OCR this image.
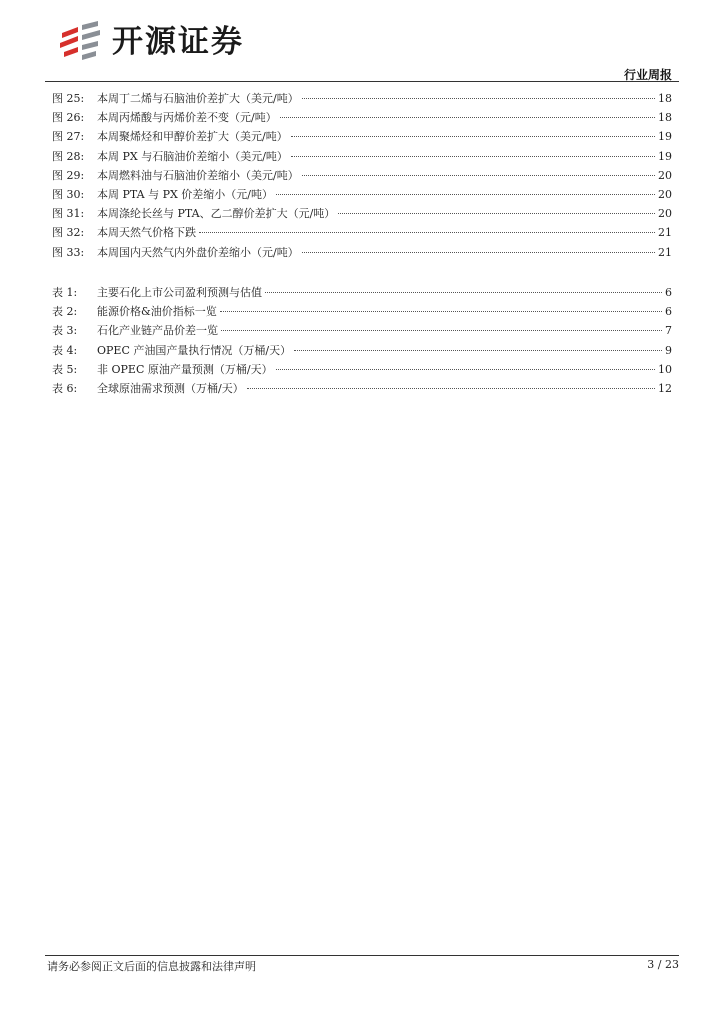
开源证券
行业周报
图 25:	本周丁二烯与石脑油价差扩大（美元/吨）	18
图 26:	本周丙烯酸与丙烯价差不变（元/吨）	18
图 27:	本周聚烯烃和甲醇价差扩大（美元/吨）	19
图 28:	本周 PX 与石脑油价差缩小（美元/吨）	19
图 29:	本周燃料油与石脑油价差缩小（美元/吨）	20
图 30:	本周 PTA 与 PX 价差缩小（元/吨）	20
图 31:	本周涤纶长丝与 PTA、乙二醇价差扩大（元/吨）	20
图 32:	本周天然气价格下跌	21
图 33:	本周国内天然气内外盘价差缩小（元/吨）	21
表 1:	主要石化上市公司盈利预测与估值	6
表 2:	能源价格&油价指标一览	6
表 3:	石化产业链产品价差一览	7
表 4:	OPEC 产油国产量执行情况（万桶/天）	9
表 5:	非 OPEC 原油产量预测（万桶/天）	10
表 6:	全球原油需求预测（万桶/天）	12
请务必参阅正文后面的信息披露和法律声明	3 / 23
